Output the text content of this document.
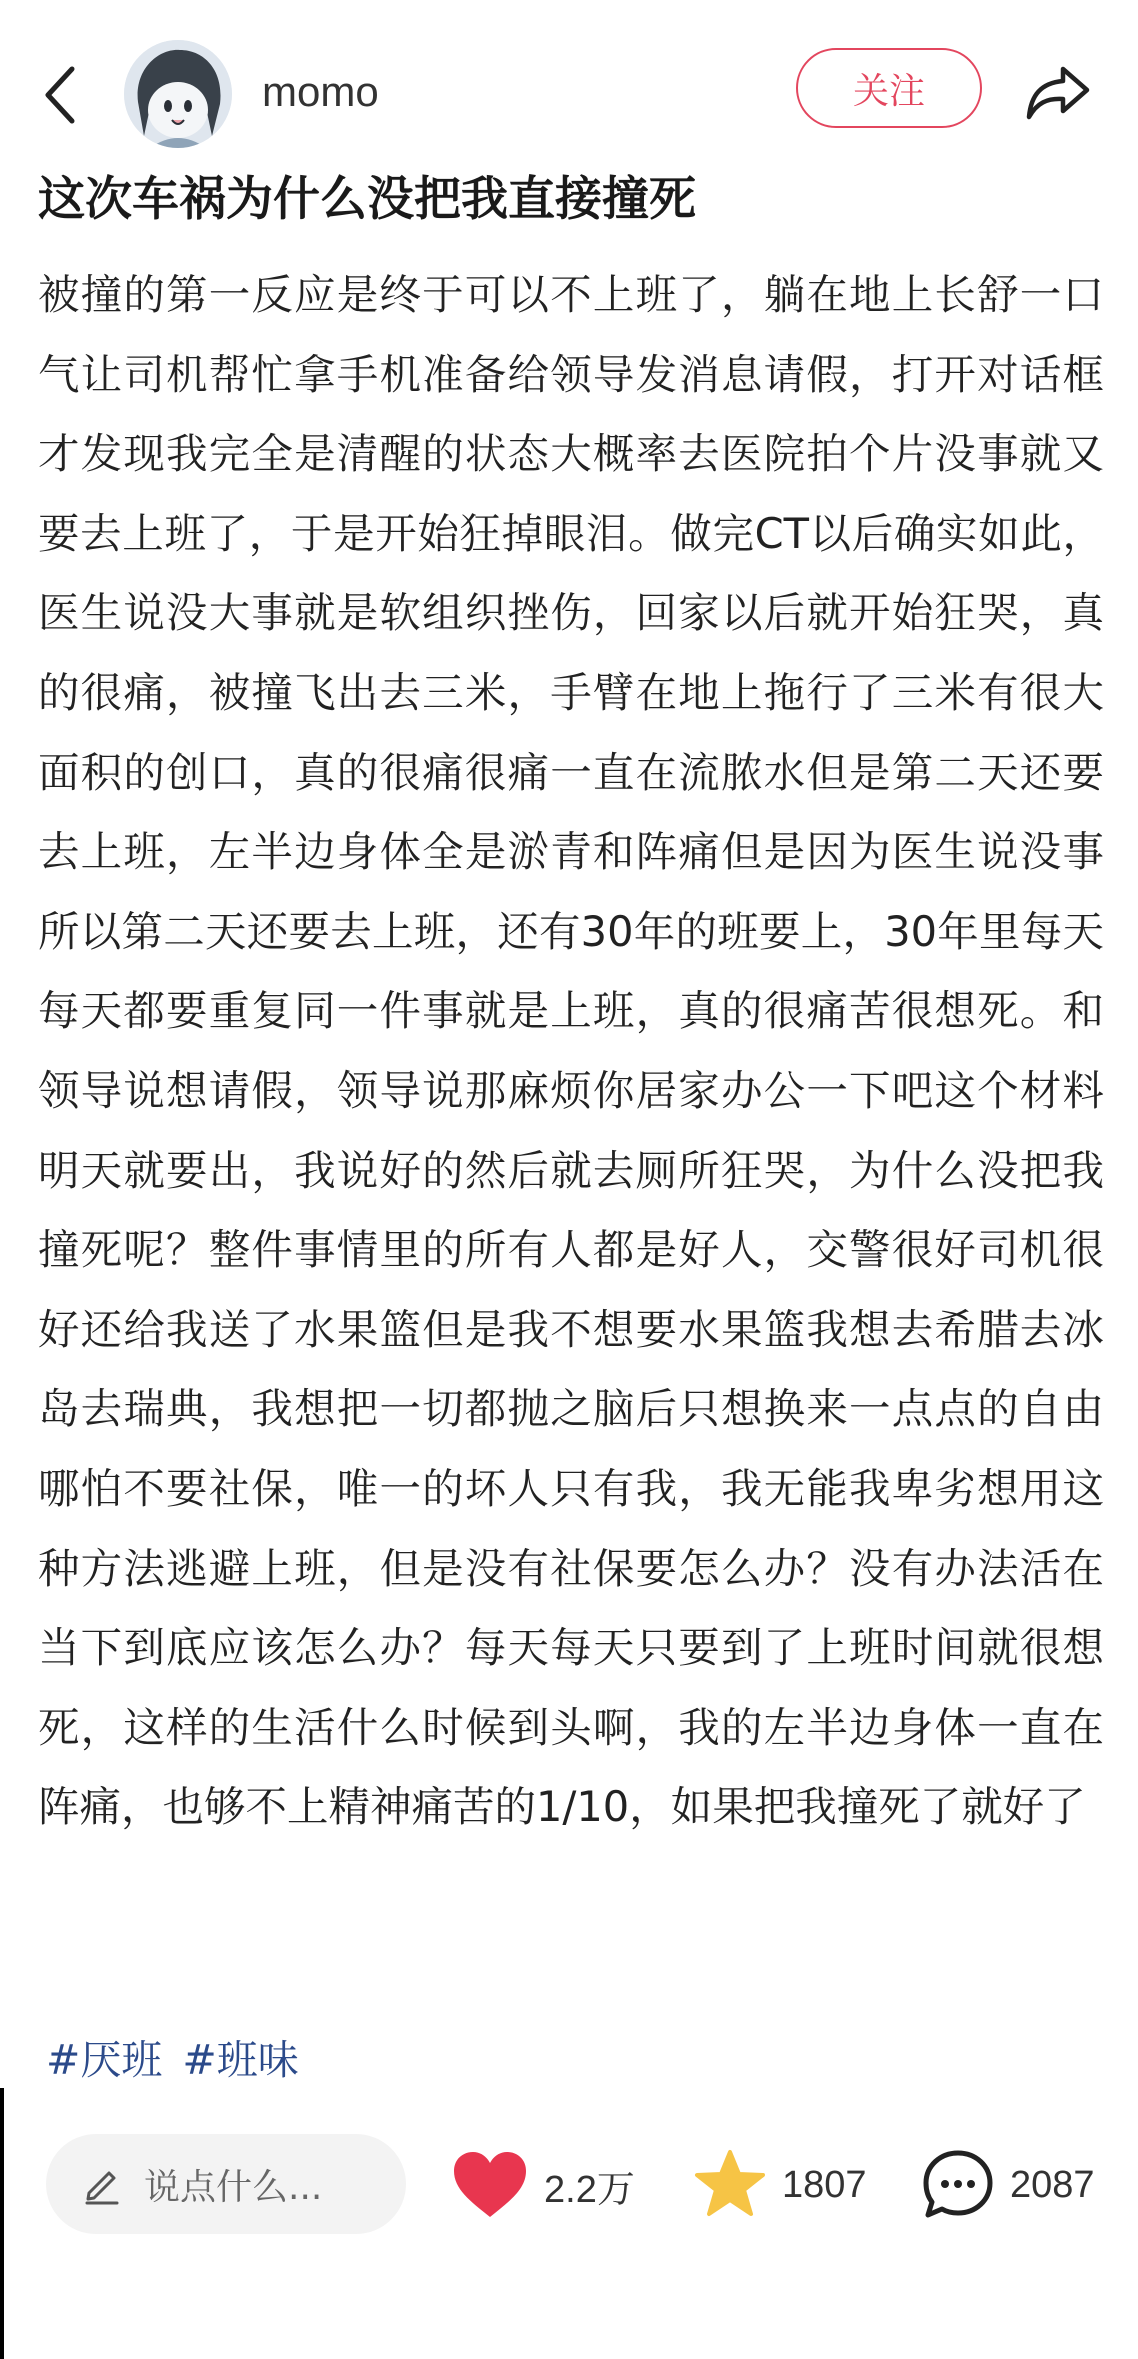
momo	关注
这次车祸为什么没把我直接撞死

被撞的第一反应是终于可以不上班了，躺在地上长舒一口气让司机帮忙拿手机准备给领导发消息请假，打开对话框才发现我完全是清醒的状态大概率去医院拍个片没事就又要去上班了，于是开始狂掉眼泪。做完CT以后确实如此，医生说没大事就是软组织挫伤，回家以后就开始狂哭，真的很痛，被撞飞出去三米，手臂在地上拖行了三米有很大面积的创口，真的很痛很痛一直在流脓水但是第二天还要去上班，左半边身体全是淤青和阵痛但是因为医生说没事所以第二天还要去上班，还有30年的班要上，30年里每天每天都要重复同一件事就是上班，真的很痛苦很想死。和领导说想请假，领导说那麻烦你居家办公一下吧这个材料明天就要出，我说好的然后就去厕所狂哭，为什么没把我撞死呢？整件事情里的所有人都是好人，交警很好司机很好还给我送了水果篮但是我不想要水果篮我想去希腊去冰岛去瑞典，我想把一切都抛之脑后只想换来一点点的自由哪怕不要社保，唯一的坏人只有我，我无能我卑劣想用这种方法逃避上班，但是没有社保要怎么办？没有办法活在当下到底应该怎么办？每天每天只要到了上班时间就很想死，这样的生活什么时候到头啊，我的左半边身体一直在阵痛，也够不上精神痛苦的1/10，如果把我撞死了就好了

#厌班 #班味
说点什么...	2.2万	1807	2087
